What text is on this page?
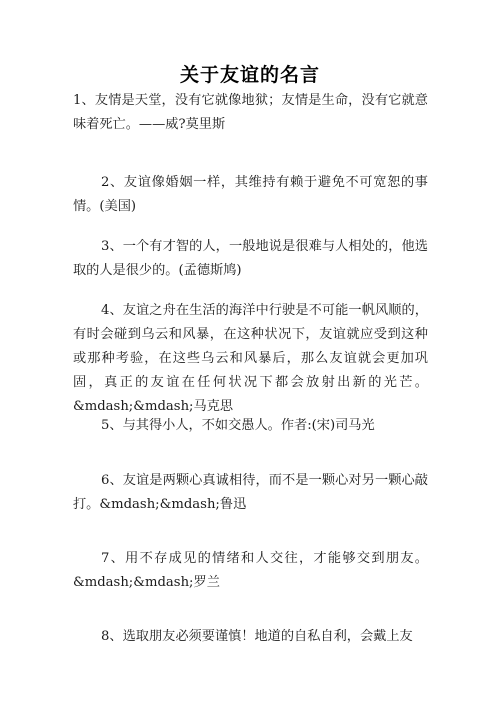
关于友谊的名言
1、友情是天堂，没有它就像地狱；友情是生命，没有它就意味着死亡。——威?莫里斯
2、友谊像婚姻一样，其维持有赖于避免不可宽恕的事情。(美国)
3、一个有才智的人，一般地说是很难与人相处的，他选取的人是很少的。(孟德斯鸠)
4、友谊之舟在生活的海洋中行驶是不可能一帆风顺的，有时会碰到乌云和风暴，在这种状况下，友谊就应受到这种或那种考验，在这些乌云和风暴后，那么友谊就会更加巩固，真正的友谊在任何状况下都会放射出新的光芒。&mdash;&mdash;马克思
5、与其得小人，不如交愚人。作者:(宋)司马光
6、友谊是两颗心真诚相待，而不是一颗心对另一颗心敲打。&mdash;&mdash;鲁迅
7、用不存成见的情绪和人交往，才能够交到朋友。&mdash;&mdash;罗兰
8、选取朋友必须要谨慎！地道的自私自利，会戴上友
